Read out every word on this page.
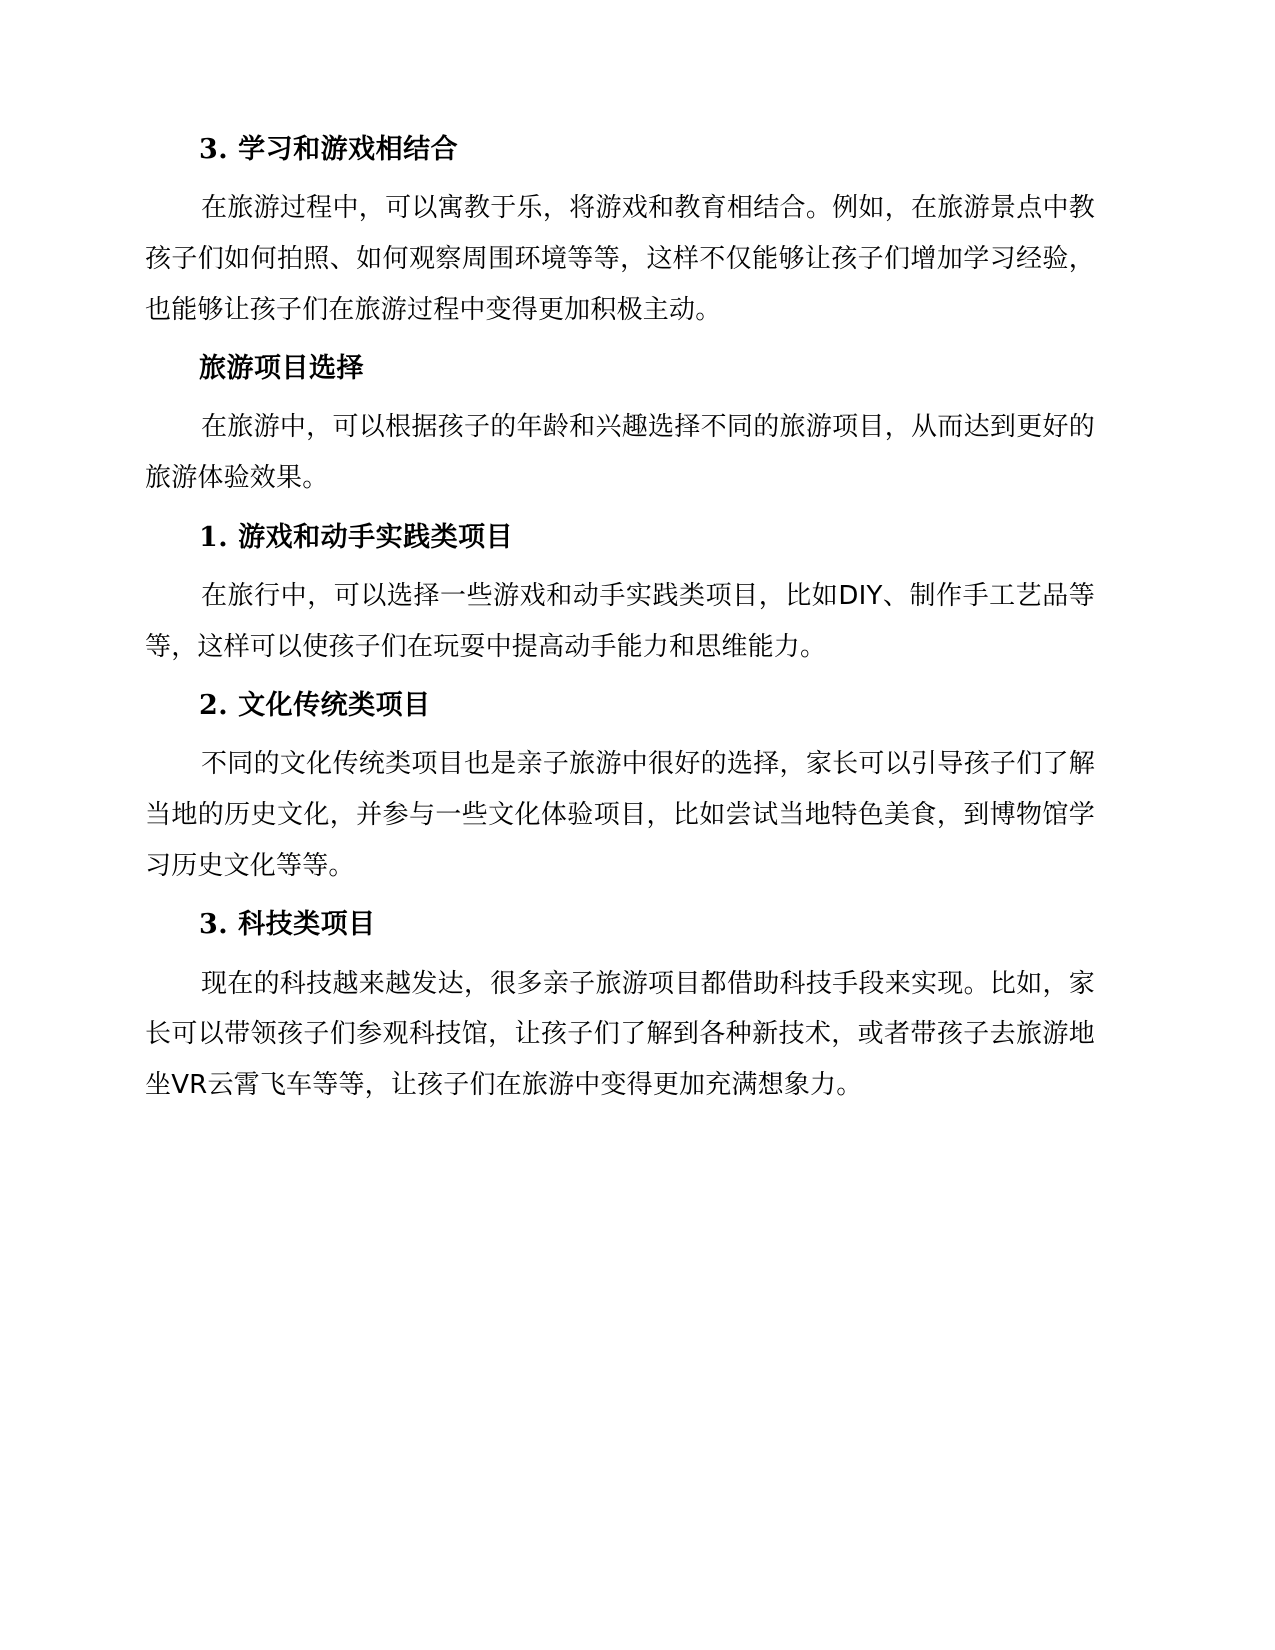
3. 学习和游戏相结合

在旅游过程中，可以寓教于乐，将游戏和教育相结合。例如，在旅游景点中教孩子们如何拍照、如何观察周围环境等等，这样不仅能够让孩子们增加学习经验，也能够让孩子们在旅游过程中变得更加积极主动。

旅游项目选择

在旅游中，可以根据孩子的年龄和兴趣选择不同的旅游项目，从而达到更好的旅游体验效果。

1. 游戏和动手实践类项目

在旅行中，可以选择一些游戏和动手实践类项目，比如DIY、制作手工艺品等等，这样可以使孩子们在玩耍中提高动手能力和思维能力。

2. 文化传统类项目

不同的文化传统类项目也是亲子旅游中很好的选择，家长可以引导孩子们了解当地的历史文化，并参与一些文化体验项目，比如尝试当地特色美食，到博物馆学习历史文化等等。

3. 科技类项目

现在的科技越来越发达，很多亲子旅游项目都借助科技手段来实现。比如，家长可以带领孩子们参观科技馆，让孩子们了解到各种新技术，或者带孩子去旅游地坐VR云霄飞车等等，让孩子们在旅游中变得更加充满想象力。
